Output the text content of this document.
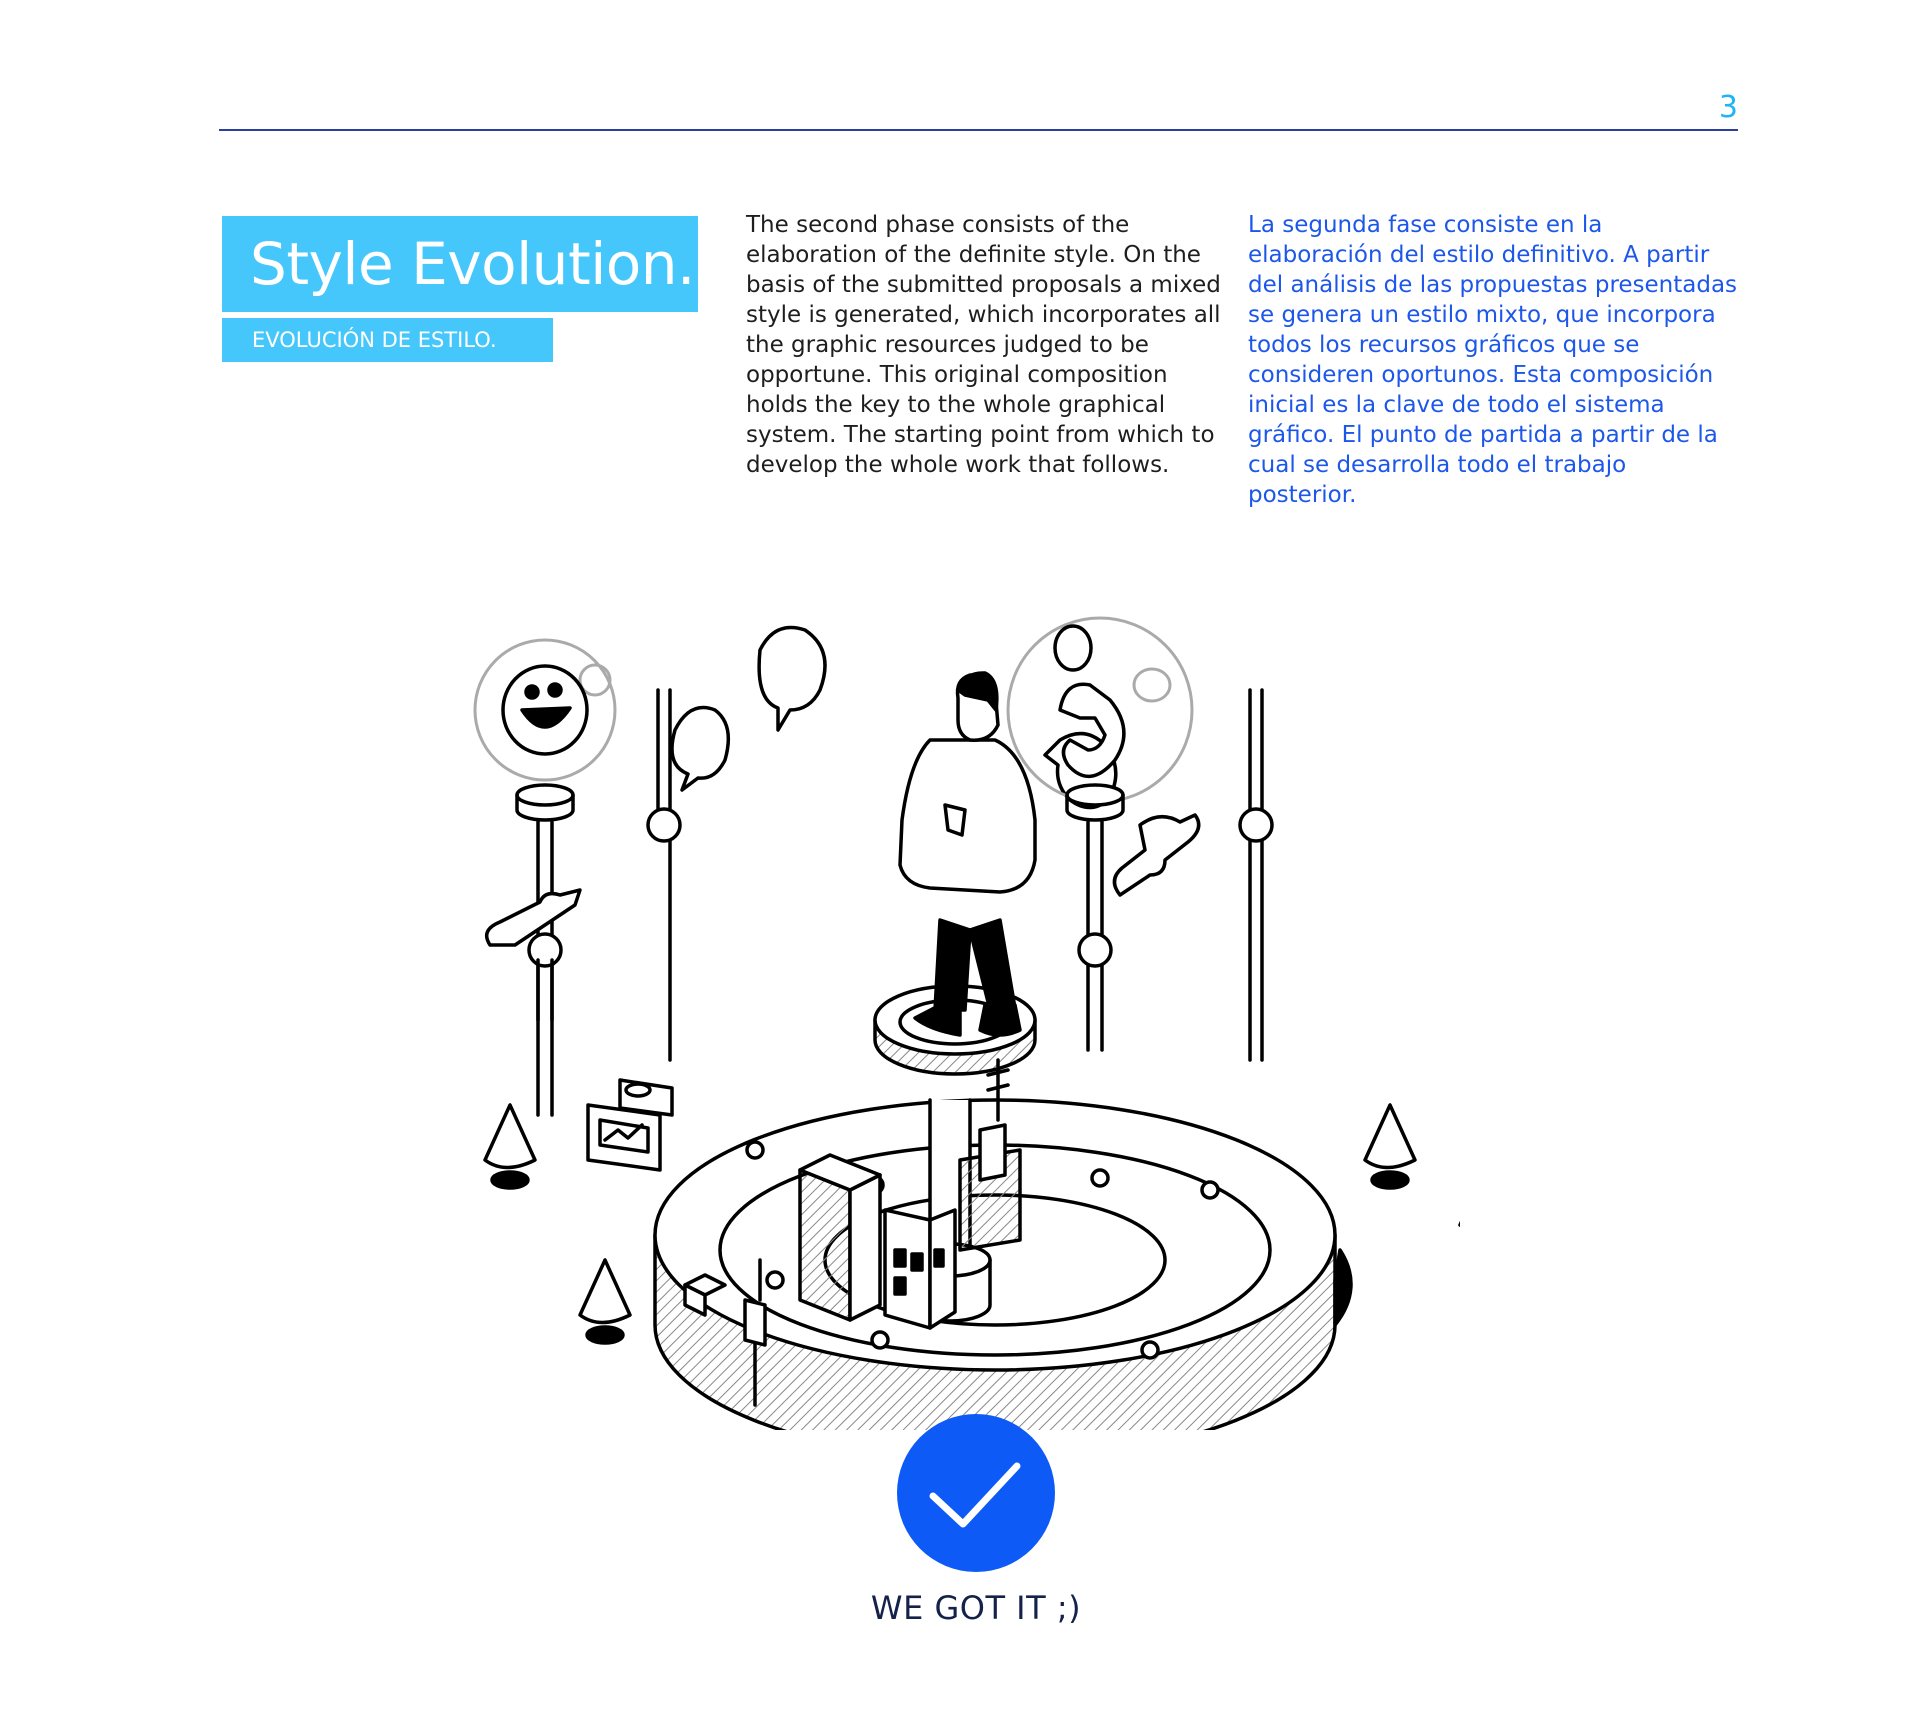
3
Style Evolution.
EVOLUCIÓN DE ESTILO.

The second phase consists of the elaboration of the definite style. On the basis of the submitted proposals a mixed style is generated, which incorporates all the graphic resources judged to be opportune. This original composition holds the key to the whole graphical system. The starting point from which to develop the whole work that follows.

La segunda fase consiste en la elaboración del estilo definitivo. A partir del análisis de las propuestas presentadas se genera un estilo mixto, que incorpora todos los recursos gráficos que se consideren oportunos. Esta composición inicial es la clave de todo el sistema gráfico. El punto de partida a partir de la cual se desarrolla todo el trabajo posterior.

WE GOT IT ;)
